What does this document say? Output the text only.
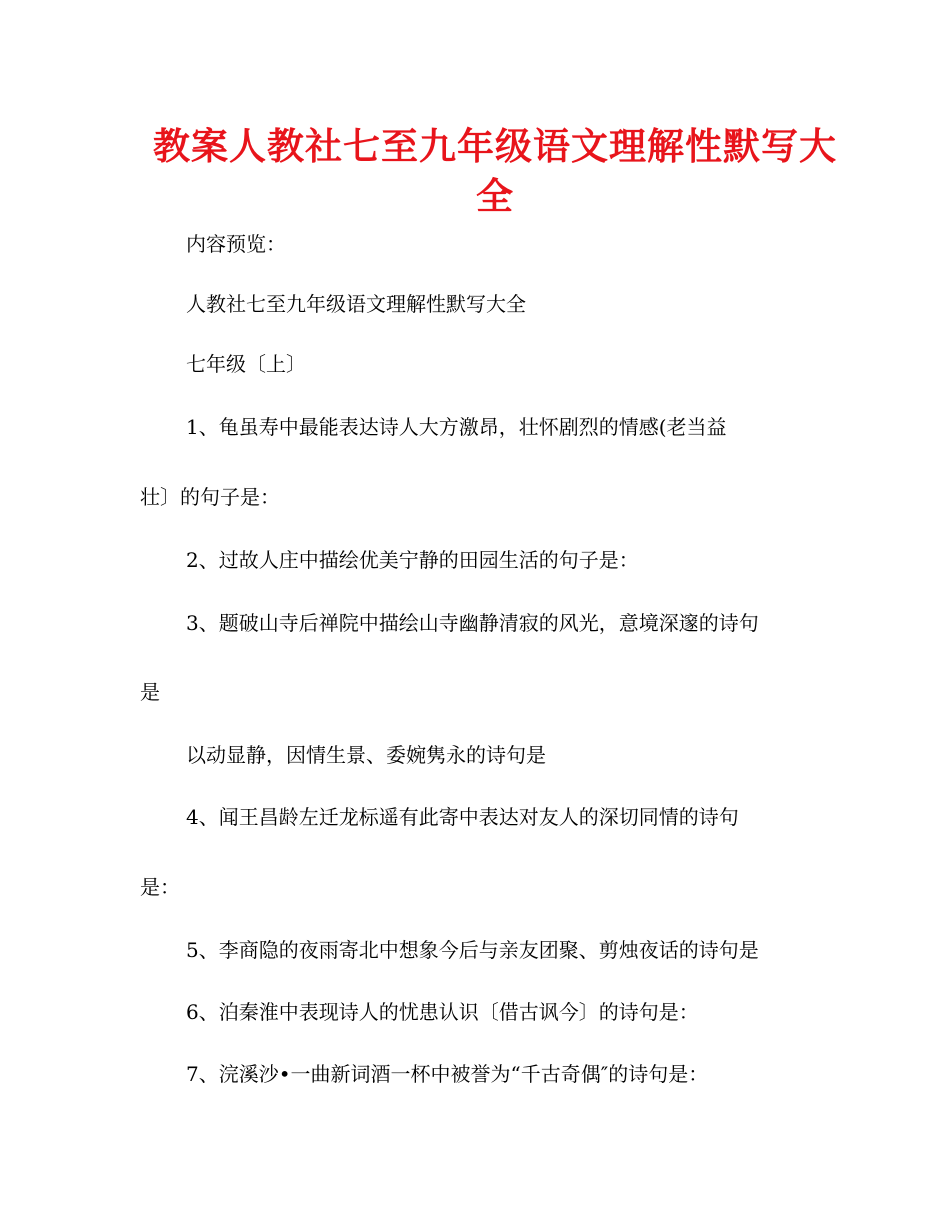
教案人教社七至九年级语文理解性默写大
全
内容预览：
人教社七至九年级语文理解性默写大全
七年级〔上〕
1、龟虽寿中最能表达诗人大方激昂，壮怀剧烈的情感(老当益
壮〕的句子是：
2、过故人庄中描绘优美宁静的田园生活的句子是：
3、题破山寺后禅院中描绘山寺幽静清寂的风光，意境深邃的诗句
是
以动显静，因情生景、委婉隽永的诗句是
4、闻王昌龄左迁龙标遥有此寄中表达对友人的深切同情的诗句
是：
5、李商隐的夜雨寄北中想象今后与亲友团聚、剪烛夜话的诗句是
6、泊秦淮中表现诗人的忧患认识〔借古讽今〕的诗句是：
7、浣溪沙•一曲新词酒一杯中被誉为“千古奇偶″的诗句是：
